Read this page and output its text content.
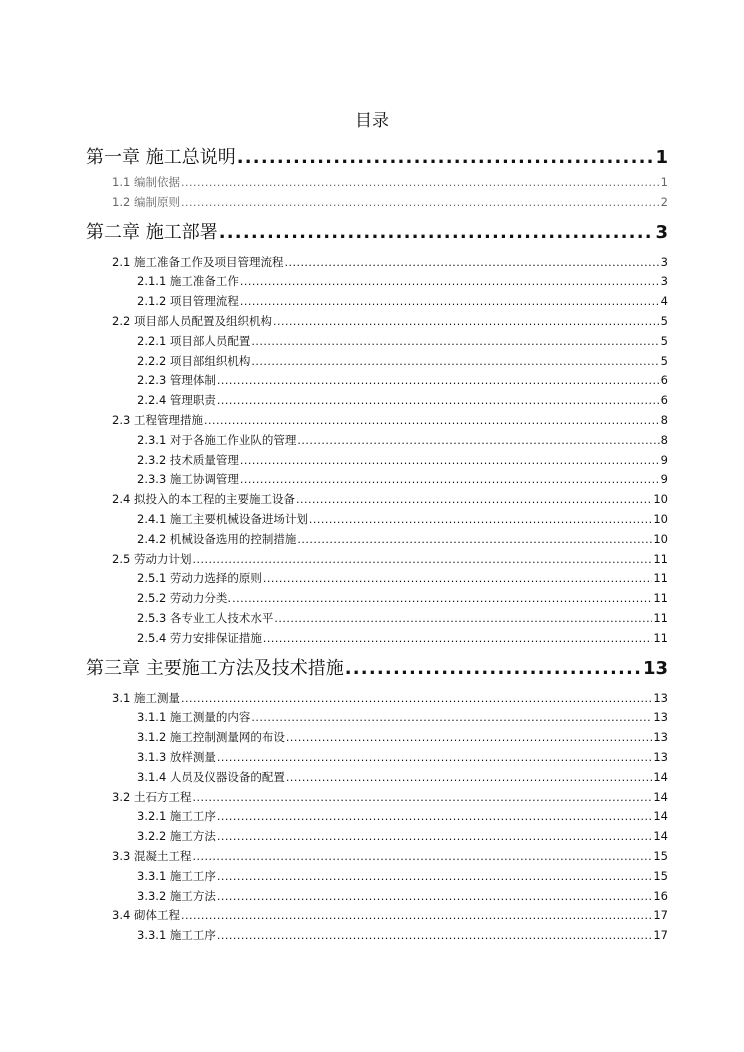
目录
第一章 施工总说明 .....	1
1.1 编制依据 .....	1
1.2 编制原则 .....	2
第二章 施工部署 .....	3
2.1 施工准备工作及项目管理流程 .....	3
2.1.1 施工准备工作 .....	3
2.1.2 项目管理流程 .....	4
2.2 项目部人员配置及组织机构 .....	5
2.2.1 项目部人员配置 .....	5
2.2.2 项目部组织机构 .....	5
2.2.3 管理体制 .....	6
2.2.4 管理职责 .....	6
2.3 工程管理措施 .....	8
2.3.1 对于各施工作业队的管理 .....	8
2.3.2 技术质量管理 .....	9
2.3.3 施工协调管理 .....	9
2.4 拟投入的本工程的主要施工设备 .....	10
2.4.1 施工主要机械设备进场计划 .....	10
2.4.2 机械设备选用的控制措施 .....	10
2.5 劳动力计划 .....	11
2.5.1 劳动力选择的原则 .....	11
2.5.2 劳动力分类. .....	11
2.5.3 各专业工人技术水平 .....	11
2.5.4 劳力安排保证措施 .....	11
第三章 主要施工方法及技术措施 .....	13
3.1 施工测量 .....	13
3.1.1 施工测量的内容 .....	13
3.1.2 施工控制测量网的布设 .....	13
3.1.3 放样测量 .....	13
3.1.4 人员及仪器设备的配置 .....	14
3.2 土石方工程 .....	14
3.2.1 施工工序 .....	14
3.2.2 施工方法 .....	14
3.3 混凝土工程 .....	15
3.3.1 施工工序 .....	15
3.3.2 施工方法 .....	16
3.4 砌体工程 .....	17
3.3.1 施工工序 .....	17
